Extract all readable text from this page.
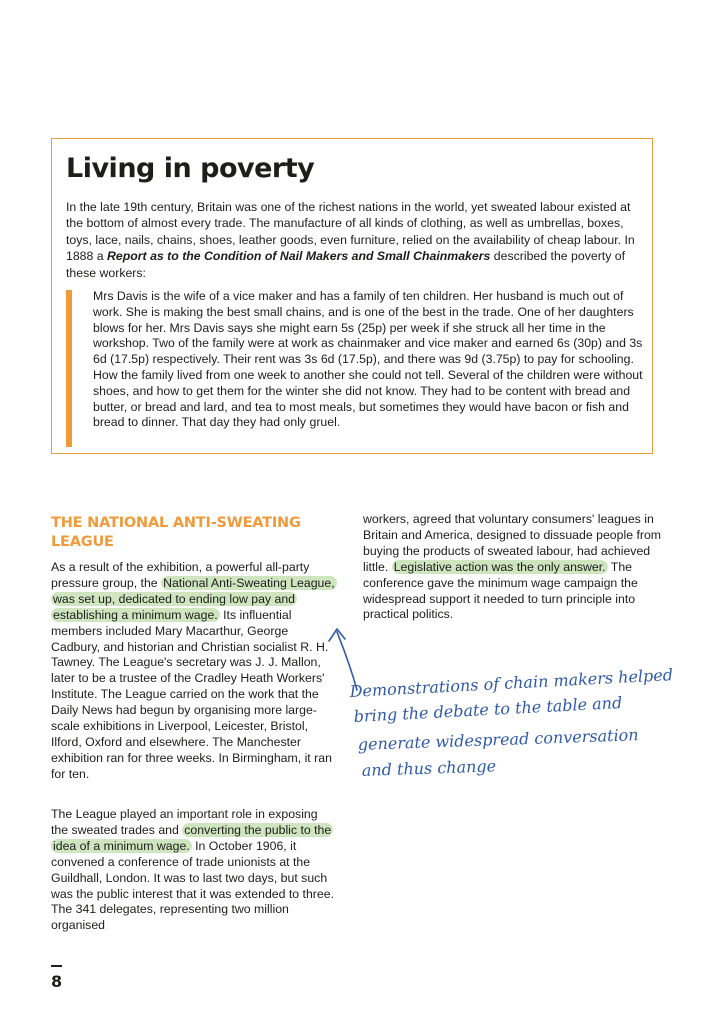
Living in poverty

In the late 19th century, Britain was one of the richest nations in the world, yet sweated labour existed at the bottom of almost every trade. The manufacture of all kinds of clothing, as well as umbrellas, boxes, toys, lace, nails, chains, shoes, leather goods, even furniture, relied on the availability of cheap labour. In 1888 a Report as to the Condition of Nail Makers and Small Chainmakers described the poverty of these workers:

Mrs Davis is the wife of a vice maker and has a family of ten children. Her husband is much out of work. She is making the best small chains, and is one of the best in the trade. One of her daughters blows for her. Mrs Davis says she might earn 5s (25p) per week if she struck all her time in the workshop. Two of the family were at work as chainmaker and vice maker and earned 6s (30p) and 3s 6d (17.5p) respectively. Their rent was 3s 6d (17.5p), and there was 9d (3.75p) to pay for schooling. How the family lived from one week to another she could not tell. Several of the children were without shoes, and how to get them for the winter she did not know. They had to be content with bread and butter, or bread and lard, and tea to most meals, but sometimes they would have bacon or fish and bread to dinner. That day they had only gruel.

THE NATIONAL ANTI-SWEATING LEAGUE

As a result of the exhibition, a powerful all-party pressure group, the National Anti-Sweating League, was set up, dedicated to ending low pay and establishing a minimum wage. Its influential members included Mary Macarthur, George Cadbury, and historian and Christian socialist R. H. Tawney. The League's secretary was J. J. Mallon, later to be a trustee of the Cradley Heath Workers' Institute. The League carried on the work that the Daily News had begun by organising more large-scale exhibitions in Liverpool, Leicester, Bristol, Ilford, Oxford and elsewhere. The Manchester exhibition ran for three weeks. In Birmingham, it ran for ten.

The League played an important role in exposing the sweated trades and converting the public to the idea of a minimum wage. In October 1906, it convened a conference of trade unionists at the Guildhall, London. It was to last two days, but such was the public interest that it was extended to three. The 341 delegates, representing two million organised

workers, agreed that voluntary consumers' leagues in Britain and America, designed to dissuade people from buying the products of sweated labour, had achieved little. Legislative action was the only answer. The conference gave the minimum wage campaign the widespread support it needed to turn principle into practical politics.

Demonstrations of chain makers helped
bring the debate to the table and
generate widespread conversation
and thus change
8
